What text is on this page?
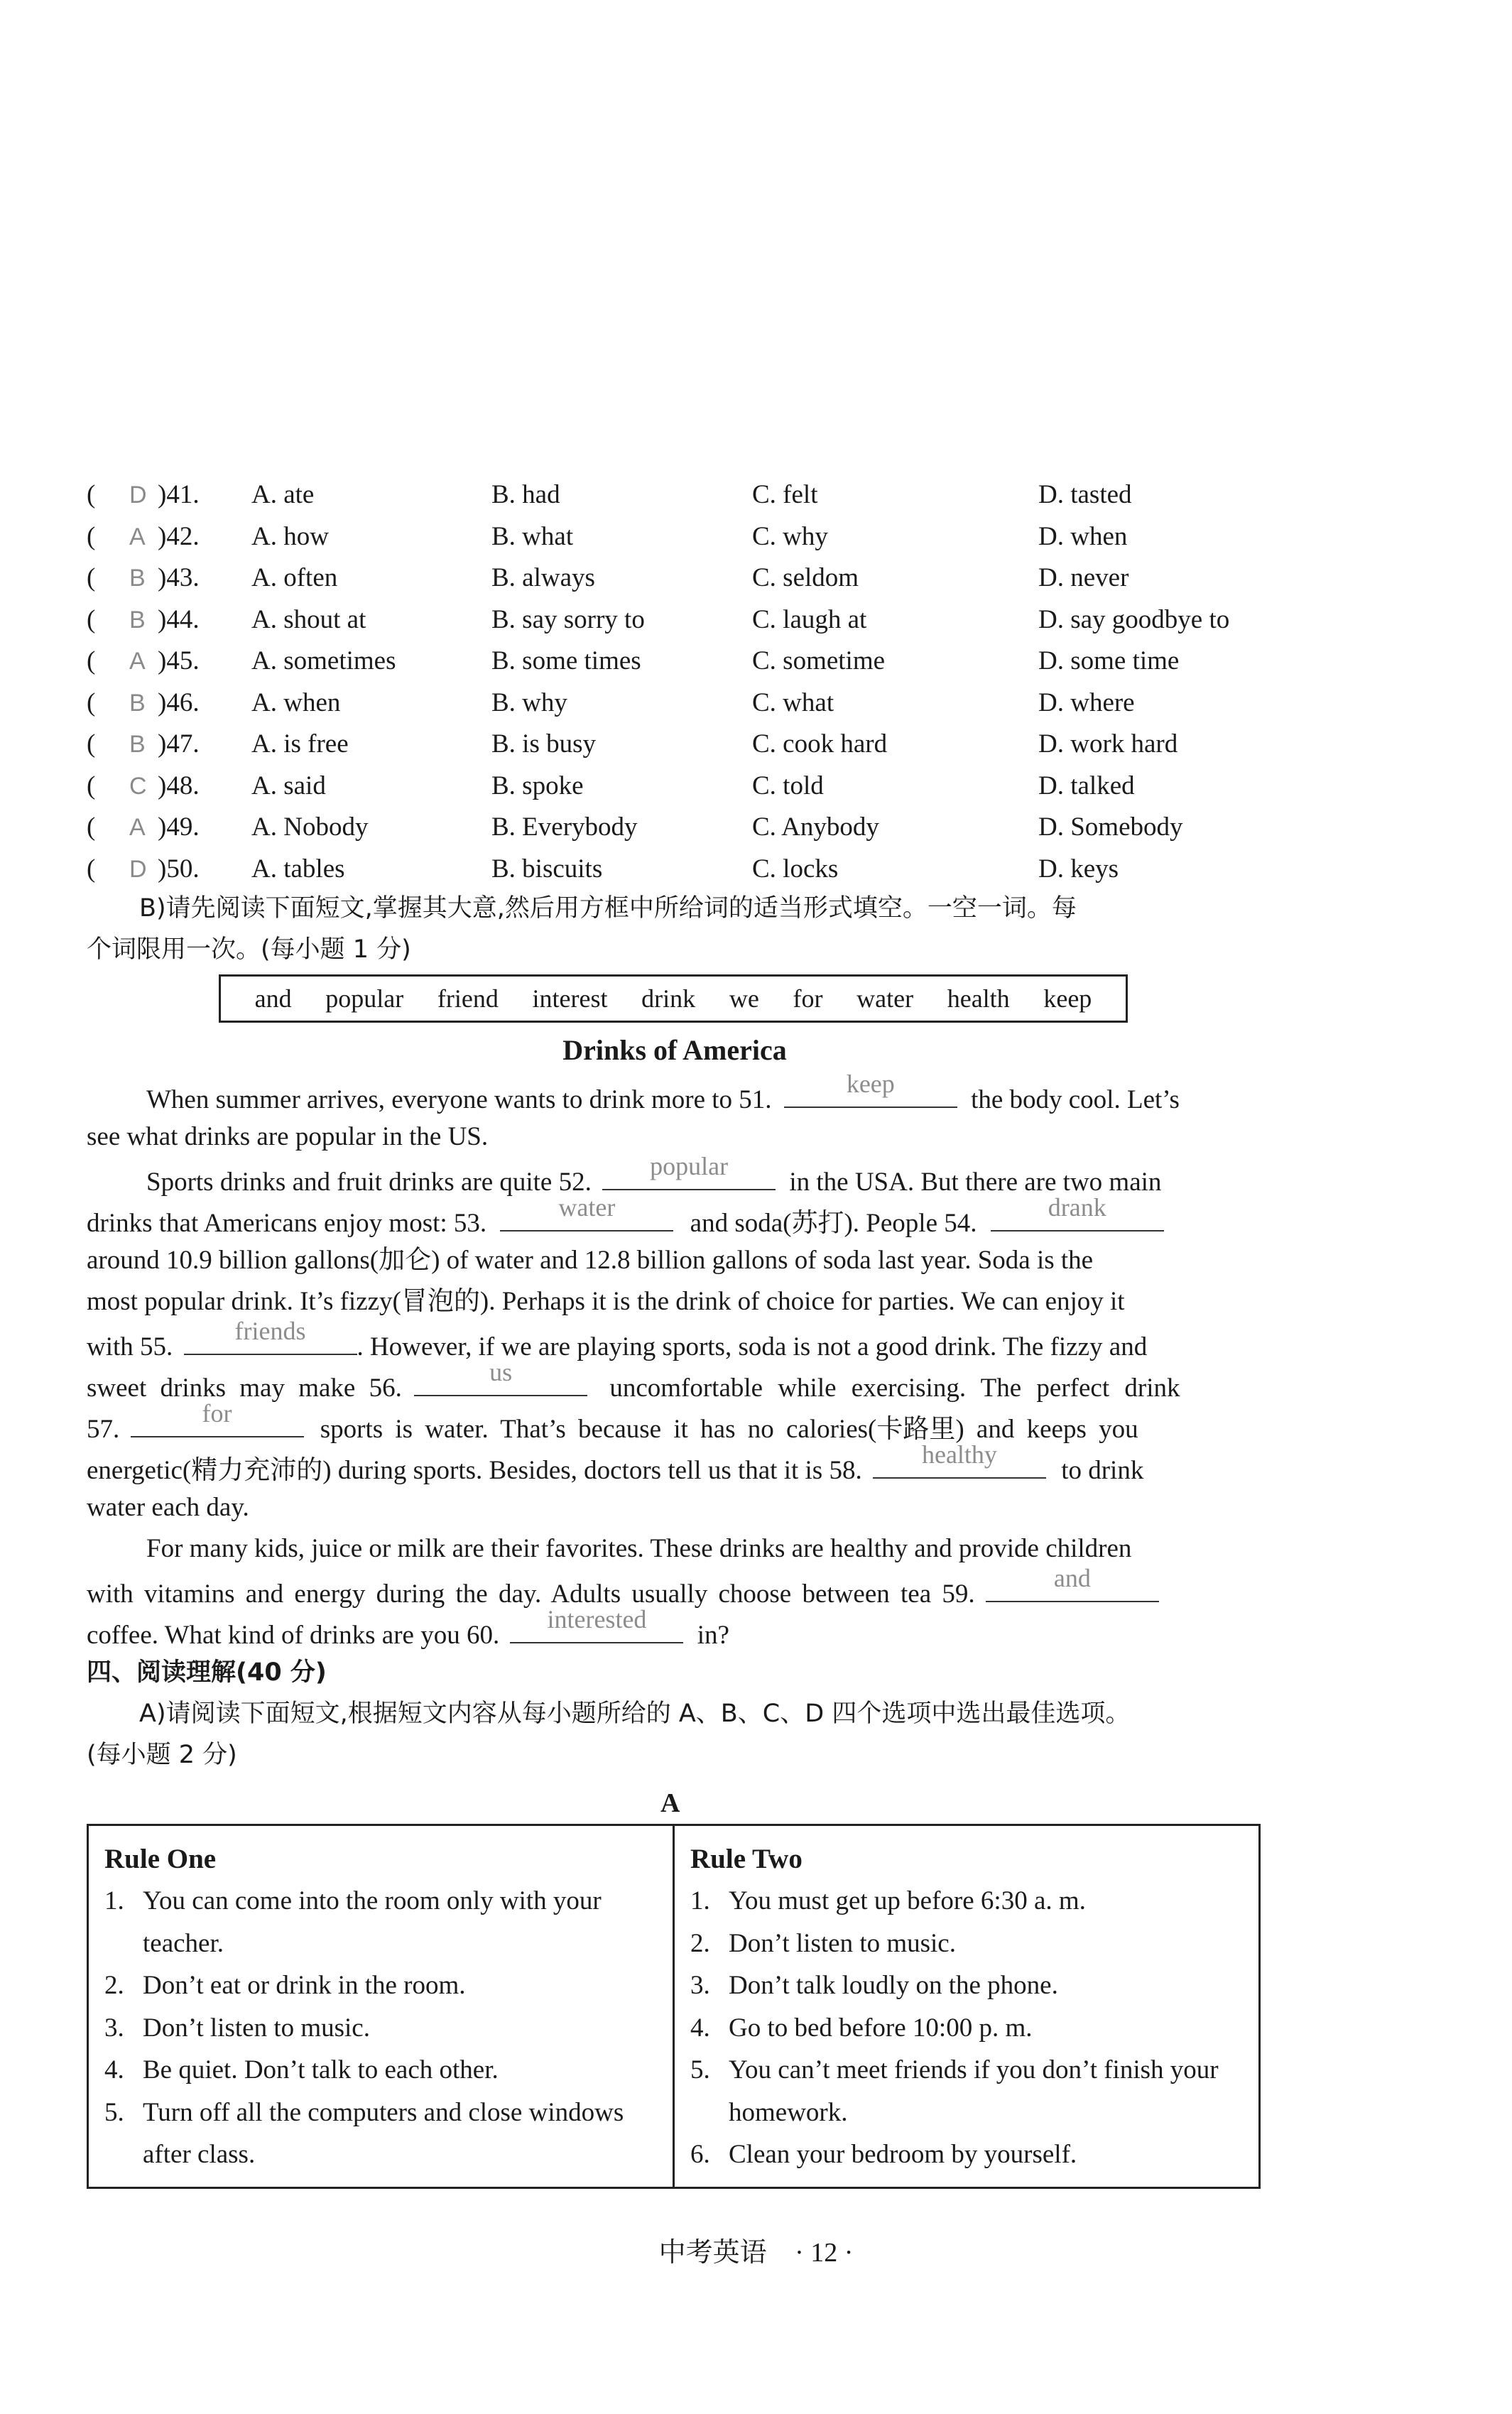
( D )41. A. ate	B. had	C. felt	D. tasted
( A )42. A. how	B. what	C. why	D. when
( B )43. A. often	B. always	C. seldom	D. never
( B )44. A. shout at	B. say sorry to	C. laugh at	D. say goodbye to
( A )45. A. sometimes	B. some times	C. sometime	D. some time
( B )46. A. when	B. why	C. what	D. where
( B )47. A. is free	B. is busy	C. cook hard	D. work hard
( C )48. A. said	B. spoke	C. told	D. talked
( A )49. A. Nobody	B. Everybody	C. Anybody	D. Somebody
( D )50. A. tables	B. biscuits	C. locks	D. keys
B)请先阅读下面短文,掌握其大意,然后用方框中所给词的适当形式填空。一空一词。每
个词限用一次。(每小题 1 分)
and popular friend interest drink we for water health keep
Drinks of America
When summer arrives, everyone wants to drink more to 51.
keep
the body cool. Let’s
see what drinks are popular in the US.
Sports drinks and fruit drinks are quite 52.
popular
in the USA. But there are two main
drinks that Americans enjoy most: 53.
water
and soda(苏打). People 54.
drank
around 10.9 billion gallons(加仑) of water and 12.8 billion gallons of soda last year. Soda is the
most popular drink. It’s fizzy(冒泡的). Perhaps it is the drink of choice for parties. We can enjoy it
with 55.
friends
. However, if we are playing sports, soda is not a good drink. The fizzy and
sweet drinks may make 56.
us
uncomfortable while exercising. The perfect drink
57.
for
sports is water. That’s because it has no calories(卡路里) and keeps you
energetic(精力充沛的) during sports. Besides, doctors tell us that it is 58.
healthy
to drink
water each day.
For many kids, juice or milk are their favorites. These drinks are healthy and provide children
with vitamins and energy during the day. Adults usually choose between tea 59.
and
coffee. What kind of drinks are you 60.
interested
in?
四、阅读理解(40 分)
A)请阅读下面短文,根据短文内容从每小题所给的 A、B、C、D 四个选项中选出最佳选项。
(每小题 2 分)
A
Rule One
1. You can come into the room only with your teacher.
2. Don’t eat or drink in the room.
3. Don’t listen to music.
4. Be quiet. Don’t talk to each other.
5. Turn off all the computers and close windows after class.
Rule Two
1. You must get up before 6:30 a. m.
2. Don’t listen to music.
3. Don’t talk loudly on the phone.
4. Go to bed before 10:00 p. m.
5. You can’t meet friends if you don’t finish your homework.
6. Clean your bedroom by yourself.
中考英语 · 12 ·
